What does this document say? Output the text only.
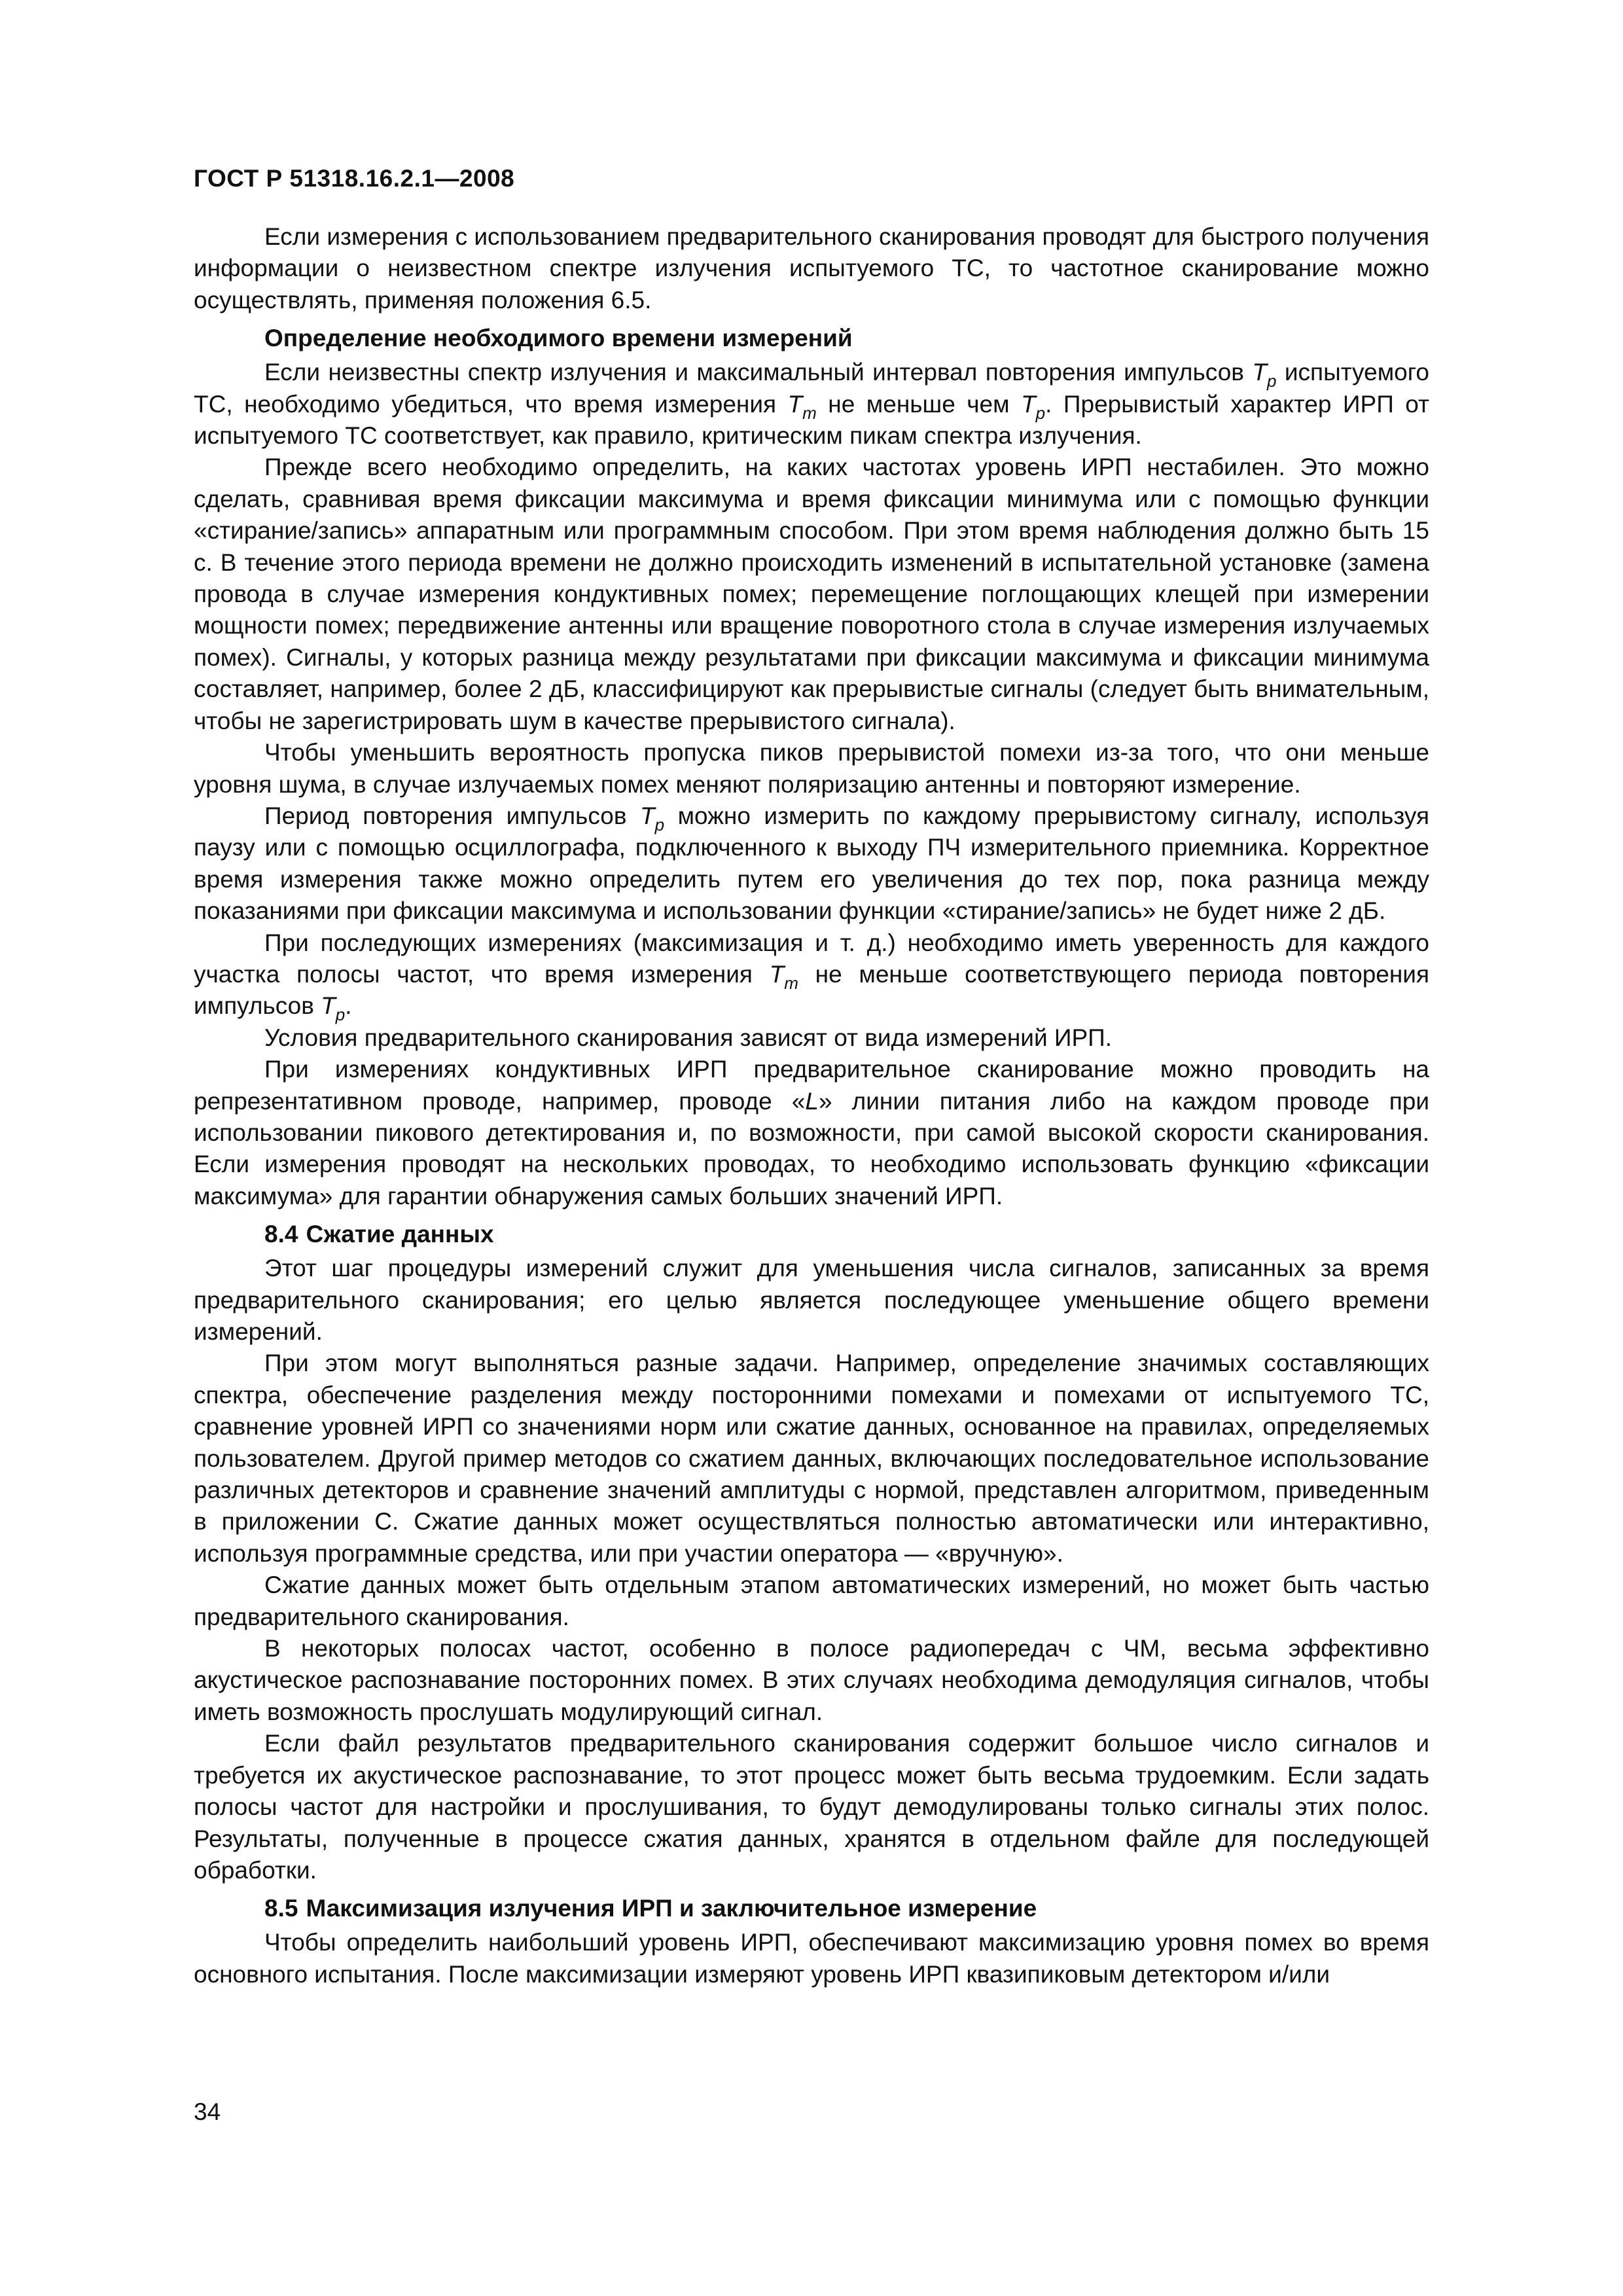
ГОСТ Р 51318.16.2.1—2008

Если измерения с использованием предварительного сканирования проводят для быстрого получения информации о неизвестном спектре излучения испытуемого ТС, то частотное сканирование можно осуществлять, применяя положения 6.5.

Определение необходимого времени измерений

Если неизвестны спектр излучения и максимальный интервал повторения импульсов $T_p$ испытуемого ТС, необходимо убедиться, что время измерения $T_m$ не меньше чем $T_p$. Прерывистый характер ИРП от испытуемого ТС соответствует, как правило, критическим пикам спектра излучения.

Прежде всего необходимо определить, на каких частотах уровень ИРП нестабилен. Это можно сделать, сравнивая время фиксации максимума и время фиксации минимума или с помощью функции «стирание/запись» аппаратным или программным способом. При этом время наблюдения должно быть 15 с. В течение этого периода времени не должно происходить изменений в испытательной установке (замена провода в случае измерения кондуктивных помех; перемещение поглощающих клещей при измерении мощности помех; передвижение антенны или вращение поворотного стола в случае измерения излучаемых помех). Сигналы, у которых разница между результатами при фиксации максимума и фиксации минимума составляет, например, более 2 дБ, классифицируют как прерывистые сигналы (следует быть внимательным, чтобы не зарегистрировать шум в качестве прерывистого сигнала).

Чтобы уменьшить вероятность пропуска пиков прерывистой помехи из-за того, что они меньше уровня шума, в случае излучаемых помех меняют поляризацию антенны и повторяют измерение.

Период повторения импульсов $T_p$ можно измерить по каждому прерывистому сигналу, используя паузу или с помощью осциллографа, подключенного к выходу ПЧ измерительного приемника. Корректное время измерения также можно определить путем его увеличения до тех пор, пока разница между показаниями при фиксации максимума и использовании функции «стирание/запись» не будет ниже 2 дБ.

При последующих измерениях (максимизация и т. д.) необходимо иметь уверенность для каждого участка полосы частот, что время измерения $T_m$ не меньше соответствующего периода повторения импульсов $T_p$.

Условия предварительного сканирования зависят от вида измерений ИРП.

При измерениях кондуктивных ИРП предварительное сканирование можно проводить на репрезентативном проводе, например, проводе «L» линии питания либо на каждом проводе при использовании пикового детектирования и, по возможности, при самой высокой скорости сканирования. Если измерения проводят на нескольких проводах, то необходимо использовать функцию «фиксации максимума» для гарантии обнаружения самых больших значений ИРП.

8.4 Сжатие данных

Этот шаг процедуры измерений служит для уменьшения числа сигналов, записанных за время предварительного сканирования; его целью является последующее уменьшение общего времени измерений.

При этом могут выполняться разные задачи. Например, определение значимых составляющих спектра, обеспечение разделения между посторонними помехами и помехами от испытуемого ТС, сравнение уровней ИРП со значениями норм или сжатие данных, основанное на правилах, определяемых пользователем. Другой пример методов со сжатием данных, включающих последовательное использование различных детекторов и сравнение значений амплитуды с нормой, представлен алгоритмом, приведенным в приложении С. Сжатие данных может осуществляться полностью автоматически или интерактивно, используя программные средства, или при участии оператора — «вручную».

Сжатие данных может быть отдельным этапом автоматических измерений, но может быть частью предварительного сканирования.

В некоторых полосах частот, особенно в полосе радиопередач с ЧМ, весьма эффективно акустическое распознавание посторонних помех. В этих случаях необходима демодуляция сигналов, чтобы иметь возможность прослушать модулирующий сигнал.

Если файл результатов предварительного сканирования содержит большое число сигналов и требуется их акустическое распознавание, то этот процесс может быть весьма трудоемким. Если задать полосы частот для настройки и прослушивания, то будут демодулированы только сигналы этих полос. Результаты, полученные в процессе сжатия данных, хранятся в отдельном файле для последующей обработки.

8.5 Максимизация излучения ИРП и заключительное измерение

Чтобы определить наибольший уровень ИРП, обеспечивают максимизацию уровня помех во время основного испытания. После максимизации измеряют уровень ИРП квазипиковым детектором и/или

34
